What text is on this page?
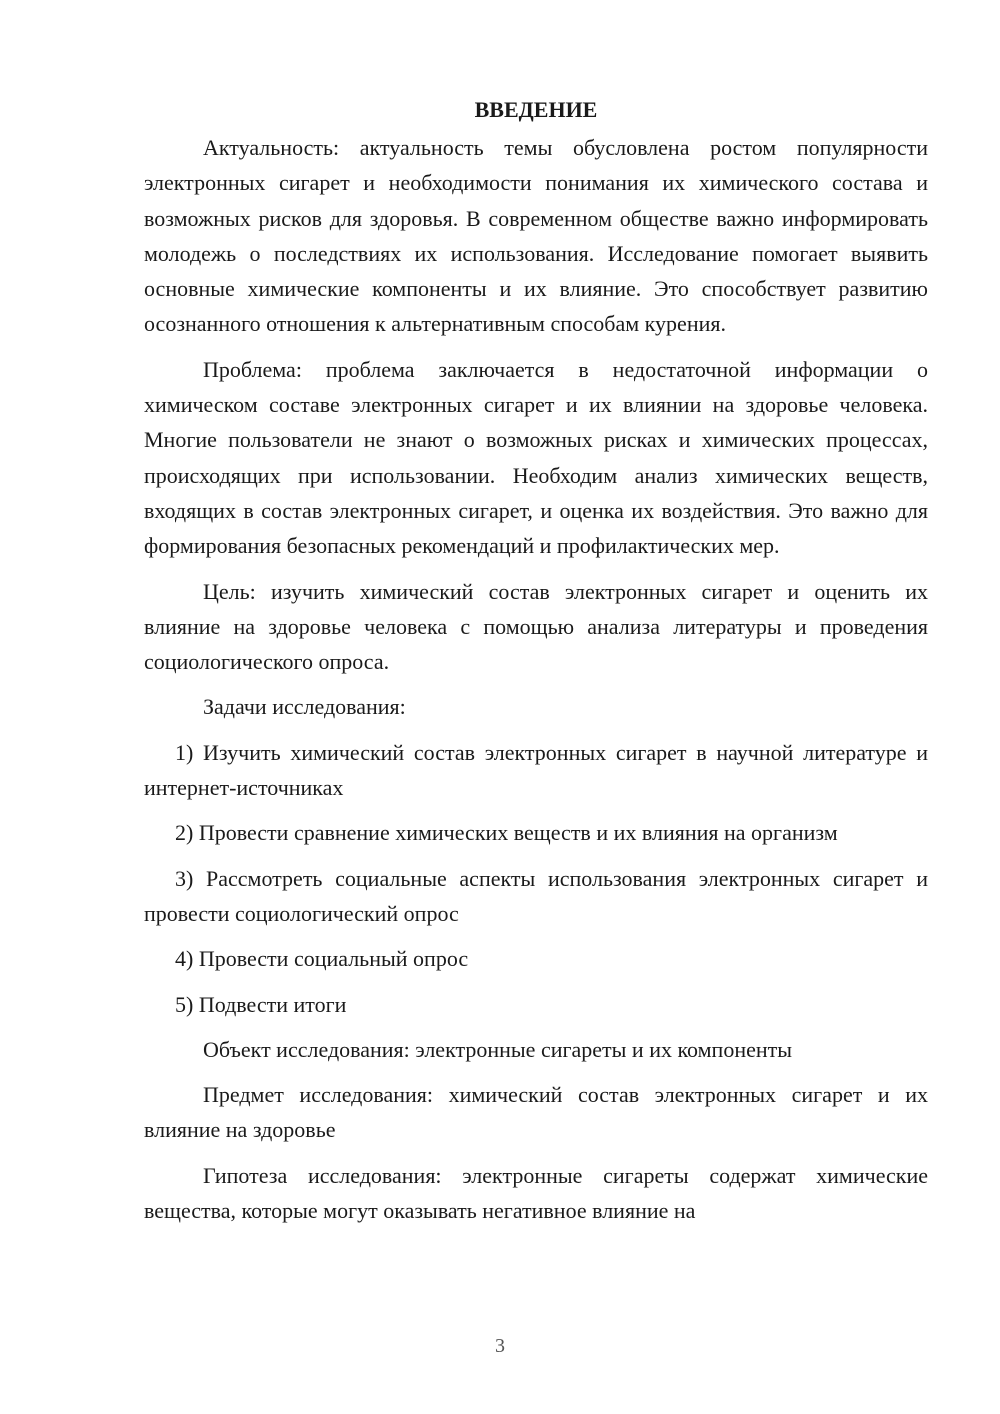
ВВЕДЕНИЕ

Актуальность: актуальность темы обусловлена ростом популярности электронных сигарет и необходимости понимания их химического состава и возможных рисков для здоровья. В современном обществе важно информировать молодежь о последствиях их использования. Исследование помогает выявить основные химические компоненты и их влияние. Это способствует развитию осознанного отношения к альтернативным способам курения.

Проблема: проблема заключается в недостаточной информации о химическом составе электронных сигарет и их влиянии на здоровье человека. Многие пользователи не знают о возможных рисках и химических процессах, происходящих при использовании. Необходим анализ химических веществ, входящих в состав электронных сигарет, и оценка их воздействия. Это важно для формирования безопасных рекомендаций и профилактических мер.

Цель: изучить химический состав электронных сигарет и оценить их влияние на здоровье человека с помощью анализа литературы и проведения социологического опроса.

Задачи исследования:

1) Изучить химический состав электронных сигарет в научной литературе и интернет-источниках

2) Провести сравнение химических веществ и их влияния на организм

3) Рассмотреть социальные аспекты использования электронных сигарет и провести социологический опрос

4) Провести социальный опрос

5) Подвести итоги

Объект исследования: электронные сигареты и их компоненты

Предмет исследования: химический состав электронных сигарет и их влияние на здоровье

Гипотеза исследования: электронные сигареты содержат химические вещества, которые могут оказывать негативное влияние на

3
